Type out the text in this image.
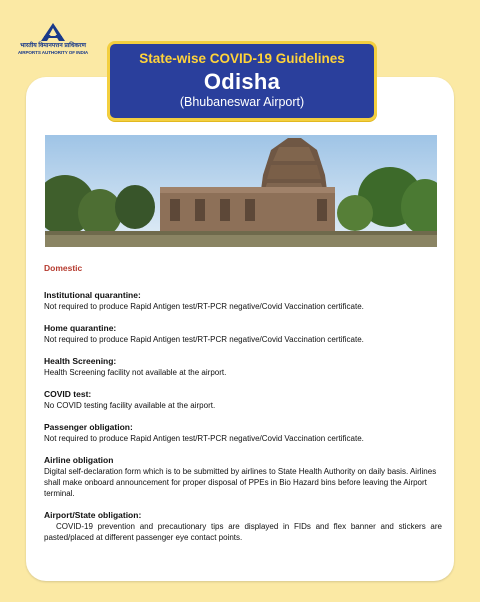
भारतीय विमानपत्तन प्राधिकरण
AIRPORTS AUTHORITY OF INDIA	State-wise COVID-19 Guidelines
Odisha
(Bhubaneswar Airport)
Domestic
Institutional quarantine:

Not required to produce Rapid Antigen test/RT-PCR negative/Covid Vaccination certificate.

Home quarantine:

Not required to produce Rapid Antigen test/RT-PCR negative/Covid Vaccination certificate.

Health Screening:

Health Screening facility not available at the airport.

COVID test:

No COVID testing facility available at the airport.

Passenger obligation:

Not required to produce Rapid Antigen test/RT-PCR negative/Covid Vaccination certificate.

Airline obligation

Digital self-declaration form which is to be submitted by airlines to State Health Authority on daily basis. Airlines shall make onboard announcement for proper disposal of PPEs in Bio Hazard bins before leaving the Airport terminal.

Airport/State obligation:

COVID-19 prevention and precautionary tips are displayed in FIDs and flex banner and stickers are pasted/placed at different passenger eye contact points.
